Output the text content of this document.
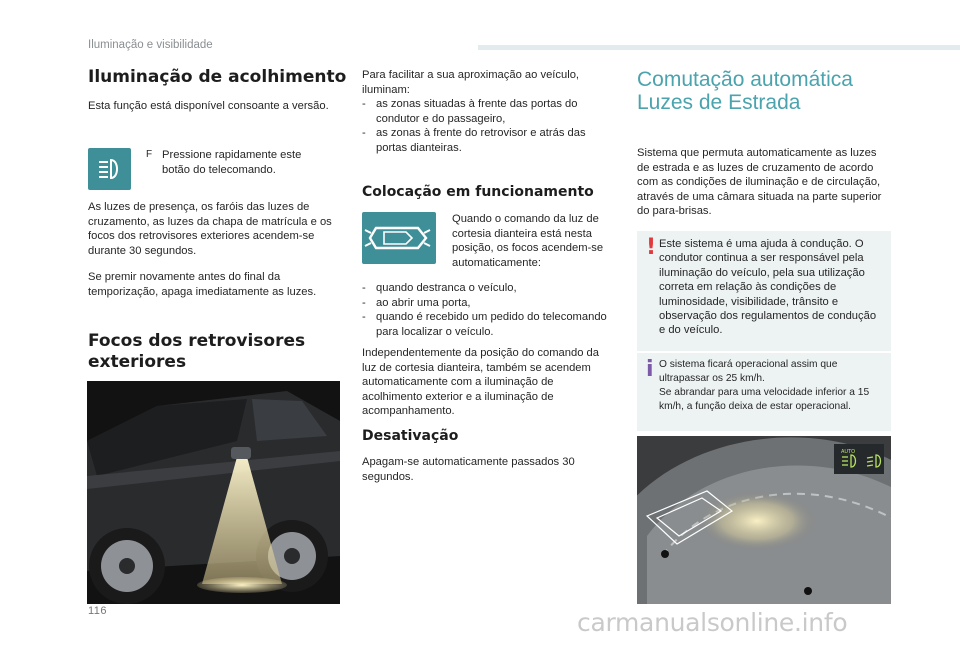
Iluminação e visibilidade
Iluminação de acolhimento
Esta função está disponível consoante a versão.
F Pressione rapidamente este botão do telecomando.
As luzes de presença, os faróis das luzes de cruzamento, as luzes da chapa de matrícula e os focos dos retrovisores exteriores acendem-se durante 30 segundos.
Se premir novamente antes do final da temporização, apaga imediatamente as luzes.
Focos dos retrovisores
exteriores
Para facilitar a sua aproximação ao veículo, iluminam:
- as zonas situadas à frente das portas do condutor e do passageiro,
- as zonas à frente do retrovisor e atrás das portas dianteiras.
Colocação em funcionamento
Quando o comando da luz de cortesia dianteira está nesta posição, os focos acendem-se automaticamente:
- quando destranca o veículo,
- ao abrir uma porta,
- quando é recebido um pedido do telecomando para localizar o veículo.
Independentemente da posição do comando da luz de cortesia dianteira, também se acendem automaticamente com a iluminação de acolhimento exterior e a iluminação de acompanhamento.
Desativação
Apagam-se automaticamente passados 30 segundos.
Comutação automática
Luzes de Estrada
Sistema que permuta automaticamente as luzes de estrada e as luzes de cruzamento de acordo com as condições de iluminação e de circulação, através de uma câmara situada na parte superior do para-brisas.
! Este sistema é uma ajuda à condução. O condutor continua a ser responsável pela iluminação do veículo, pela sua utilização correta em relação às condições de luminosidade, visibilidade, trânsito e observação dos regulamentos de condução e do veículo.
i O sistema ficará operacional assim que ultrapassar os 25 km/h.
Se abrandar para uma velocidade inferior a 15 km/h, a função deixa de estar operacional.
AUTO
116	carmanualsonline.info
